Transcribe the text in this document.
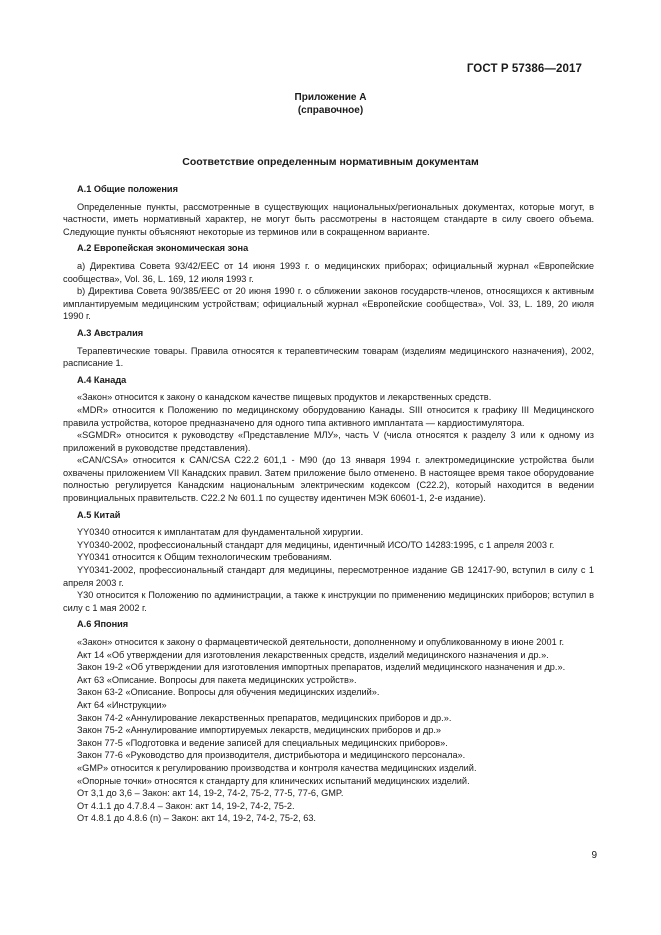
ГОСТ Р 57386—2017
Приложение А
(справочное)
Соответствие определенным нормативным документам
А.1 Общие положения

Определенные пункты, рассмотренные в существующих национальных/региональных документах, которые могут, в частности, иметь нормативный характер, не могут быть рассмотрены в настоящем стандарте в силу своего объема. Следующие пункты объясняют некоторые из терминов или в сокращенном варианте.

А.2 Европейская экономическая зона

a) Директива Совета 93/42/ЕЕС от 14 июня 1993 г. о медицинских приборах; официальный журнал «Европейские сообщества», Vol. 36, L. 169, 12 июля 1993 г.

b) Директива Совета 90/385/ЕЕС от 20 июня 1990 г. о сближении законов государств-членов, относящихся к активным имплантируемым медицинским устройствам; официальный журнал «Европейские сообщества», Vol. 33, L. 189, 20 июля 1990 г.

А.3 Австралия

Терапевтические товары. Правила относятся к терапевтическим товарам (изделиям медицинского назначения), 2002, расписание 1.

А.4 Канада

«Закон» относится к закону о канадском качестве пищевых продуктов и лекарственных средств.

«MDR» относится к Положению по медицинскому оборудованию Канады. SIII относится к графику III Медицинского правила устройства, которое предназначено для одного типа активного имплантата — кардиостимулятора.

«SGMDR» относится к руководству «Представление МЛУ», часть V (числа относятся к разделу 3 или к одному из приложений в руководстве представления).

«CAN/CSA» относится к CAN/CSA C22.2 601,1 - M90 (до 13 января 1994 г. электромедицинские устройства были охвачены приложением VII Канадских правил. Затем приложение было отменено. В настоящее время такое оборудование полностью регулируется Канадским национальным электрическим кодексом (C22.2), который находится в ведении провинциальных правительств. C22.2 № 601.1 по существу идентичен МЭК 60601-1, 2-е издание).

А.5 Китай

YY0340 относится к имплантатам для фундаментальной хирургии.

YY0340-2002, профессиональный стандарт для медицины, идентичный ИСО/ТО 14283:1995, с 1 апреля 2003 г.

YY0341 относится к Общим технологическим требованиям.

YY0341-2002, профессиональный стандарт для медицины, пересмотренное издание GB 12417-90, вступил в силу с 1 апреля 2003 г.

Y30 относится к Положению по администрации, а также к инструкции по применению медицинских приборов; вступил в силу с 1 мая 2002 г.

А.6 Япония

«Закон» относится к закону о фармацевтической деятельности, дополненному и опубликованному в июне 2001 г.

Акт 14 «Об утверждении для изготовления лекарственных средств, изделий медицинского назначения и др.».

Закон 19-2 «Об утверждении для изготовления импортных препаратов, изделий медицинского назначения и др.».

Акт 63 «Описание. Вопросы для пакета медицинских устройств».

Закон 63-2 «Описание. Вопросы для обучения медицинских изделий».

Акт 64 «Инструкции»

Закон 74-2 «Аннулирование лекарственных препаратов, медицинских приборов и др.».

Закон 75-2 «Аннулирование импортируемых лекарств, медицинских приборов и др.»

Закон 77-5 «Подготовка и ведение записей для специальных медицинских приборов».

Закон 77-6 «Руководство для производителя, дистрибьютора и медицинского персонала».

«GMP» относится к регулированию производства и контроля качества медицинских изделий.

«Опорные точки» относятся к стандарту для клинических испытаний медицинских изделий.

От 3,1 до 3,6 – Закон: акт 14, 19-2, 74-2, 75-2, 77-5, 77-6, GMP.

От 4.1.1 до 4.7.8.4 – Закон: акт 14, 19-2, 74-2, 75-2.

От 4.8.1 до 4.8.6 (n) – Закон: акт 14, 19-2, 74-2, 75-2, 63.

9
